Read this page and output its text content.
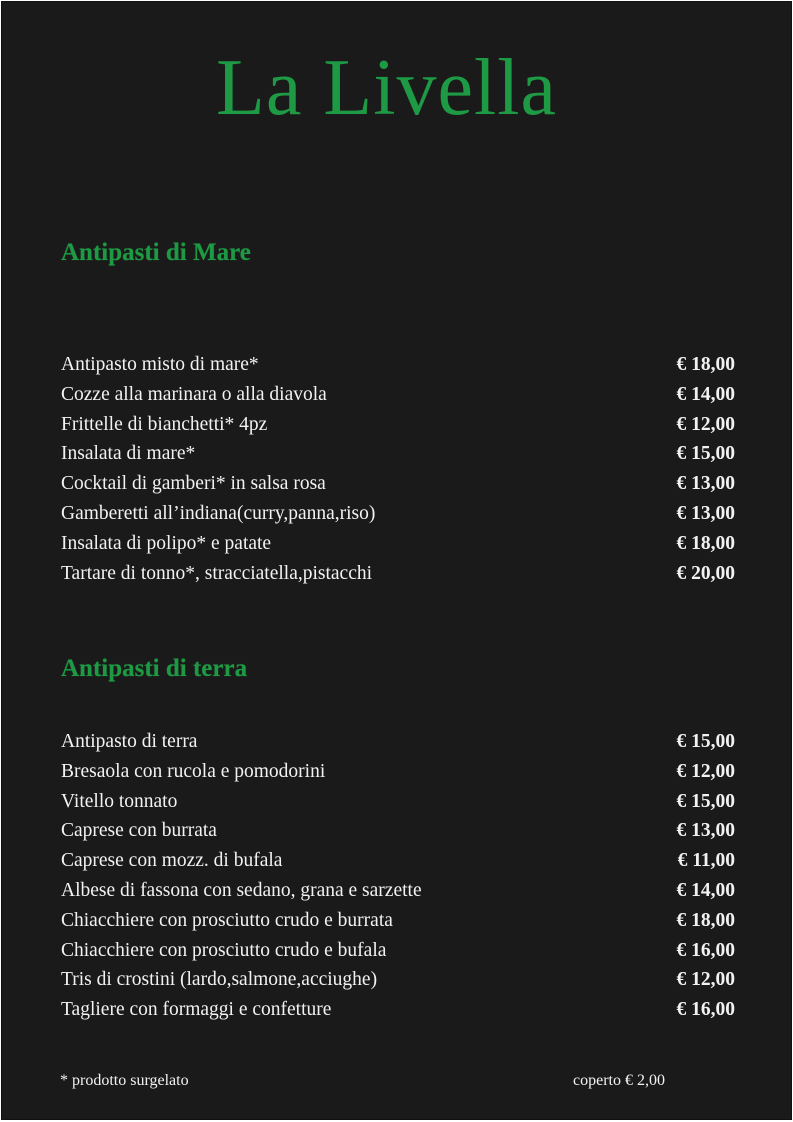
La Livella
Antipasti di Mare
Antipasto misto di mare*	€ 18,00
Cozze alla marinara o alla diavola	€ 14,00
Frittelle di bianchetti* 4pz	€ 12,00
Insalata di mare*	€ 15,00
Cocktail di gamberi* in salsa rosa	€ 13,00
Gamberetti all’indiana(curry,panna,riso)	€ 13,00
Insalata di polipo* e patate	€ 18,00
Tartare di tonno*, stracciatella,pistacchi	€ 20,00
Antipasti di terra
Antipasto di terra	€ 15,00
Bresaola con rucola e pomodorini	€ 12,00
Vitello tonnato	€ 15,00
Caprese con burrata	€ 13,00
Caprese con mozz. di bufala	€ 11,00
Albese di fassona con sedano, grana e sarzette	€ 14,00
Chiacchiere con prosciutto crudo e burrata	€ 18,00
Chiacchiere con prosciutto crudo e bufala	€ 16,00
Tris di crostini (lardo,salmone,acciughe)	€ 12,00
Tagliere con formaggi e confetture	€ 16,00
* prodotto surgelato	coperto € 2,00
